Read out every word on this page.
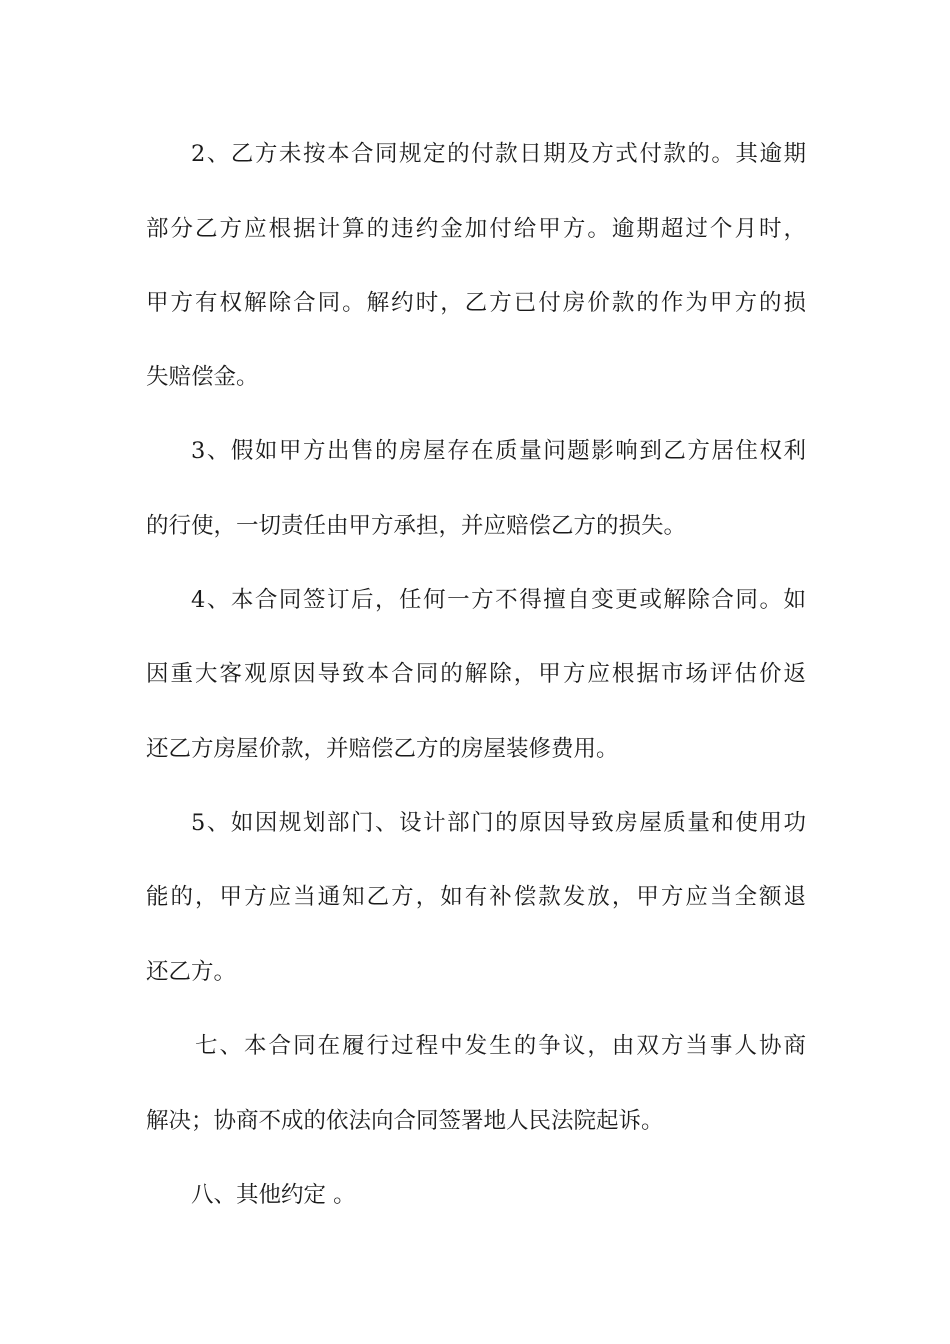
2、乙方未按本合同规定的付款日期及方式付款的。其逾期
部分乙方应根据计算的违约金加付给甲方。逾期超过个月时，
甲方有权解除合同。解约时，乙方已付房价款的作为甲方的损
失赔偿金。
3、假如甲方出售的房屋存在质量问题影响到乙方居住权利
的行使，一切责任由甲方承担，并应赔偿乙方的损失。
4、本合同签订后，任何一方不得擅自变更或解除合同。如
因重大客观原因导致本合同的解除，甲方应根据市场评估价返
还乙方房屋价款，并赔偿乙方的房屋装修费用。
5、如因规划部门、设计部门的原因导致房屋质量和使用功
能的，甲方应当通知乙方，如有补偿款发放，甲方应当全额退
还乙方。
七、本合同在履行过程中发生的争议，由双方当事人协商
解决；协商不成的依法向合同签署地人民法院起诉。
八、其他约定 。
